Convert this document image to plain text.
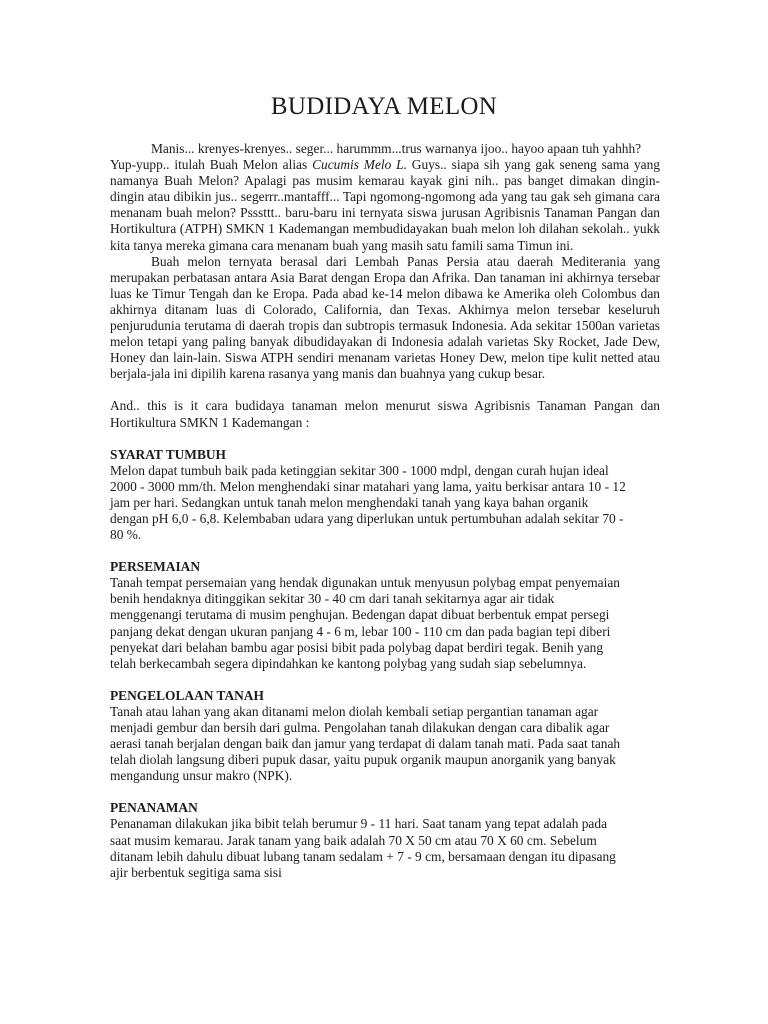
BUDIDAYA MELON

Manis... krenyes-krenyes.. seger... harummm...trus warnanya ijoo.. hayoo apaan tuh yahhh?

Yup-yupp.. itulah Buah Melon alias Cucumis Melo L. Guys.. siapa sih yang gak seneng sama yang namanya Buah Melon? Apalagi pas musim kemarau kayak gini nih.. pas banget dimakan dingin-dingin atau dibikin jus.. segerrr..mantafff... Tapi ngomong-ngomong ada yang tau gak seh gimana cara menanam buah melon? Psssttt.. baru-baru ini ternyata siswa jurusan Agribisnis Tanaman Pangan dan Hortikultura (ATPH) SMKN 1 Kademangan membudidayakan buah melon loh dilahan sekolah.. yukk kita tanya mereka gimana cara menanam buah yang masih satu famili sama Timun ini.

Buah melon ternyata berasal dari Lembah Panas Persia atau daerah Mediterania yang merupakan perbatasan antara Asia Barat dengan Eropa dan Afrika. Dan tanaman ini akhirnya tersebar luas ke Timur Tengah dan ke Eropa. Pada abad ke-14 melon dibawa ke Amerika oleh Colombus dan akhirnya ditanam luas di Colorado, California, dan Texas. Akhirnya melon tersebar keseluruh penjurudunia terutama di daerah tropis dan subtropis termasuk Indonesia. Ada sekitar 1500an varietas melon tetapi yang paling banyak dibudidayakan di Indonesia adalah varietas Sky Rocket, Jade Dew, Honey dan lain-lain. Siswa ATPH sendiri menanam varietas Honey Dew, melon tipe kulit netted atau berjala-jala ini dipilih karena rasanya yang manis dan buahnya yang cukup besar.

And.. this is it cara budidaya tanaman melon menurut siswa Agribisnis Tanaman Pangan dan Hortikultura SMKN 1 Kademangan :

SYARAT TUMBUH

Melon dapat tumbuh baik pada ketinggian sekitar 300 - 1000 mdpl, dengan curah hujan ideal

2000 - 3000 mm/th. Melon menghendaki sinar matahari yang lama, yaitu berkisar antara 10 - 12

jam per hari. Sedangkan untuk tanah melon menghendaki tanah yang kaya bahan organik

dengan pH 6,0 - 6,8. Kelembaban udara yang diperlukan untuk pertumbuhan adalah sekitar 70 -

80 %.

PERSEMAIAN

Tanah tempat persemaian yang hendak digunakan untuk menyusun polybag empat penyemaian

benih hendaknya ditinggikan sekitar 30 - 40 cm dari tanah sekitarnya agar air tidak

menggenangi terutama di musim penghujan. Bedengan dapat dibuat berbentuk empat persegi

panjang dekat dengan ukuran panjang 4 - 6 m, lebar 100 - 110 cm dan pada bagian tepi diberi

penyekat dari belahan bambu agar posisi bibit pada polybag dapat berdiri tegak. Benih yang

telah berkecambah segera dipindahkan ke kantong polybag yang sudah siap sebelumnya.

PENGELOLAAN TANAH

Tanah atau lahan yang akan ditanami melon diolah kembali setiap pergantian tanaman agar

menjadi gembur dan bersih dari gulma. Pengolahan tanah dilakukan dengan cara dibalik agar

aerasi tanah berjalan dengan baik dan jamur yang terdapat di dalam tanah mati. Pada saat tanah

telah diolah langsung diberi pupuk dasar, yaitu pupuk organik maupun anorganik yang banyak

mengandung unsur makro (NPK).

PENANAMAN

Penanaman dilakukan jika bibit telah berumur 9 - 11 hari. Saat tanam yang tepat adalah pada

saat musim kemarau. Jarak tanam yang baik adalah 70 X 50 cm atau 70 X 60 cm. Sebelum

ditanam lebih dahulu dibuat lubang tanam sedalam + 7 - 9 cm, bersamaan dengan itu dipasang

ajir berbentuk segitiga sama sisi
